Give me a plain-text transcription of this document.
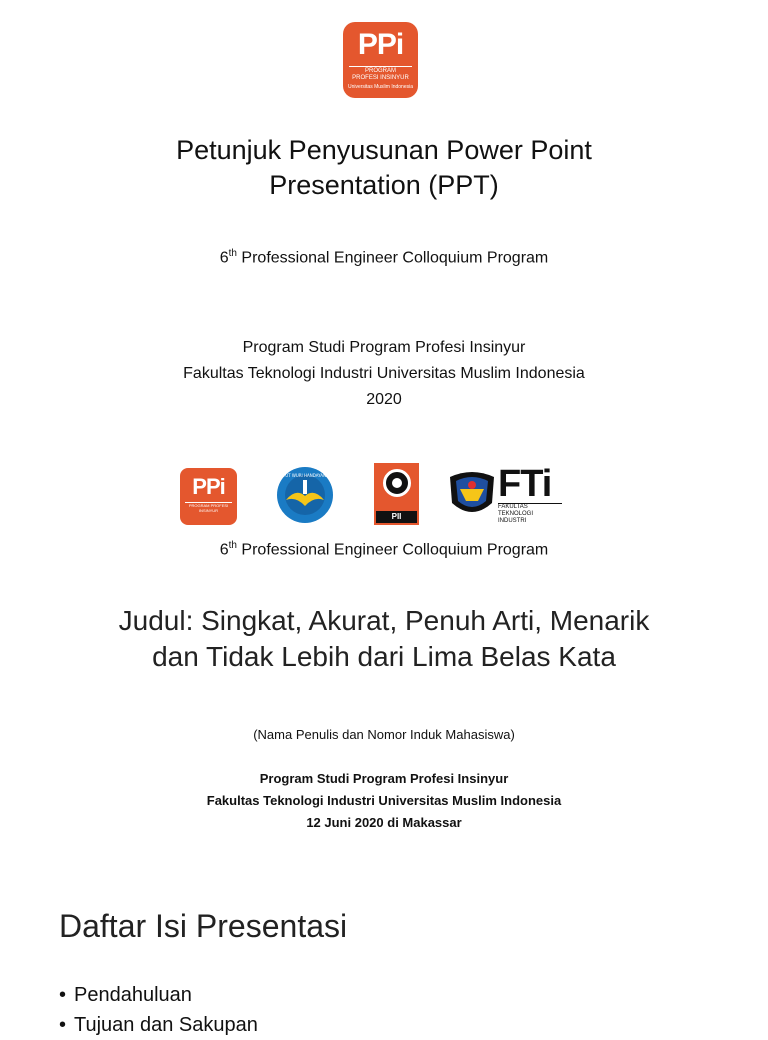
PPi
PROGRAM
PROFESI INSINYUR
Universitas Muslim Indonesia
Petunjuk Penyusunan Power Point
Presentation (PPT)
6th Professional Engineer Colloquium Program
Program Studi Program Profesi Insinyur
Fakultas Teknologi Industri Universitas Muslim Indonesia
2020
PPi
PROGRAM PROFESI INSINYUR
TUT WURI HANDAYANI
PII
FTi
FAKULTAS
TEKNOLOGI INDUSTRI
6th Professional Engineer Colloquium Program
Judul: Singkat, Akurat, Penuh Arti, Menarik
dan Tidak Lebih dari Lima Belas Kata
(Nama Penulis dan Nomor Induk Mahasiswa)
Program Studi Program Profesi Insinyur
Fakultas Teknologi Industri Universitas Muslim Indonesia
12 Juni 2020 di Makassar
Daftar Isi Presentasi
• Pendahuluan
• Tujuan dan Sakupan
